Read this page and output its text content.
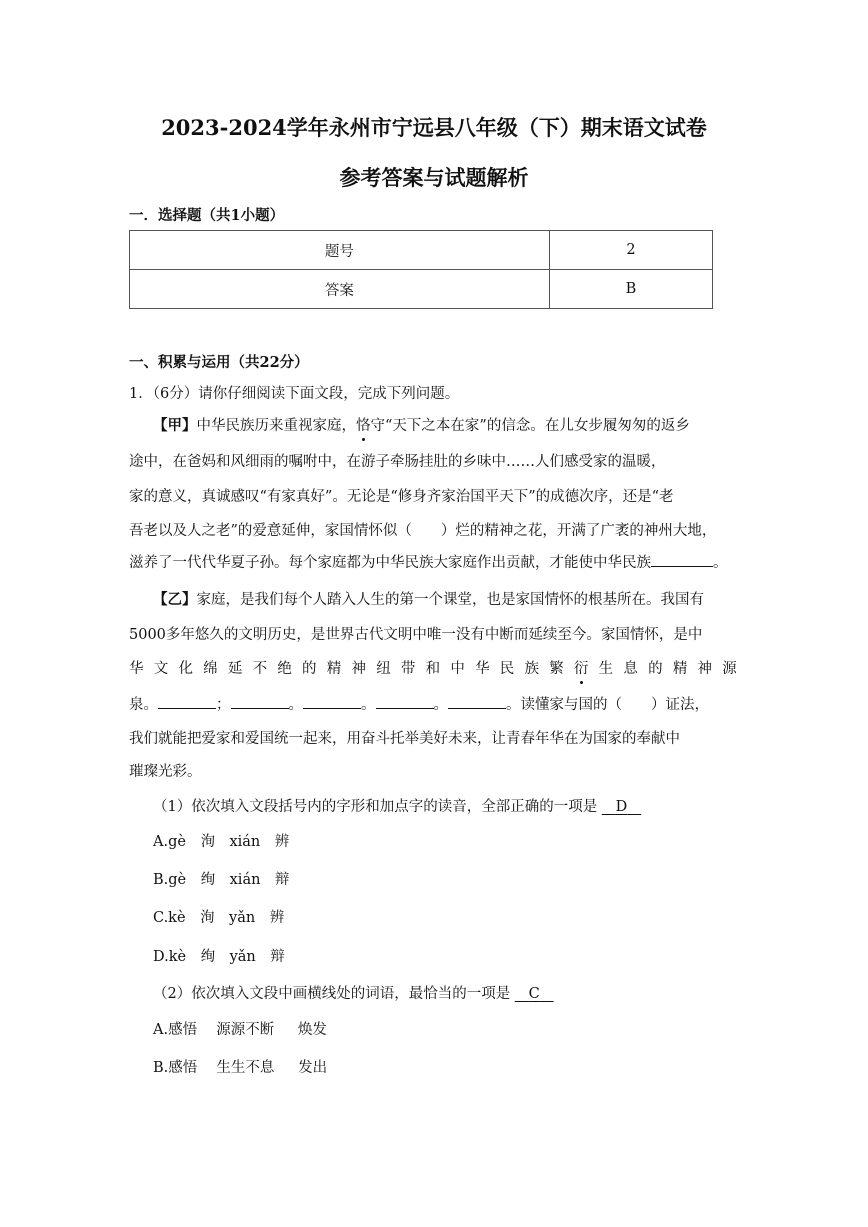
2023-2024学年永州市宁远县八年级（下）期末语文试卷
参考答案与试题解析
一．选择题（共1小题）
题号	2
答案	B
一、积累与运用（共22分）
1．（6分）请你仔细阅读下面文段，完成下列问题。
【甲】中华民族历来重视家庭，恪守“天下之本在家”的信念。在儿女步履匆匆的返乡
途中，在爸妈和风细雨的嘱咐中，在游子牵肠挂肚的乡味中……人们感受家的温暖，
家的意义，真诚感叹“有家真好”。无论是“修身齐家治国平天下”的成德次序，还是“老
吾老以及人之老”的爱意延伸，家国情怀似（　　）烂的精神之花，开满了广袤的神州大地，
滋养了一代代华夏子孙。每个家庭都为中华民族大家庭作出贡献，才能使中华民族	。
【乙】家庭，是我们每个人踏入人生的第一个课堂，也是家国情怀的根基所在。我国有
5000多年悠久的文明历史，是世界古代文明中唯一没有中断而延续至今。家国情怀，是中
华 文 化 绵 延 不 绝 的 精 神 纽 带 和 中 华 民 族 繁 衍 生 息 的 精 神 源
泉。	；	。	。	。	。读懂家与国的（　　）证法，
我们就能把爱家和爱国统一起来，用奋斗托举美好未来，让青春年华在为国家的奉献中
璀璨光彩。
（1）依次填入文段括号内的字形和加点字的读音，全部正确的一项是 D
A.gè　洵　xián　辨
B.gè　绚　xián　辩
C.kè　洵　yǎn　辨
D.kè　绚　yǎn　辩
（2）依次填入文段中画横线处的词语，最恰当的一项是 C
A.感悟　 源源不断 　 焕发
B.感悟　 生生不息 　 发出
